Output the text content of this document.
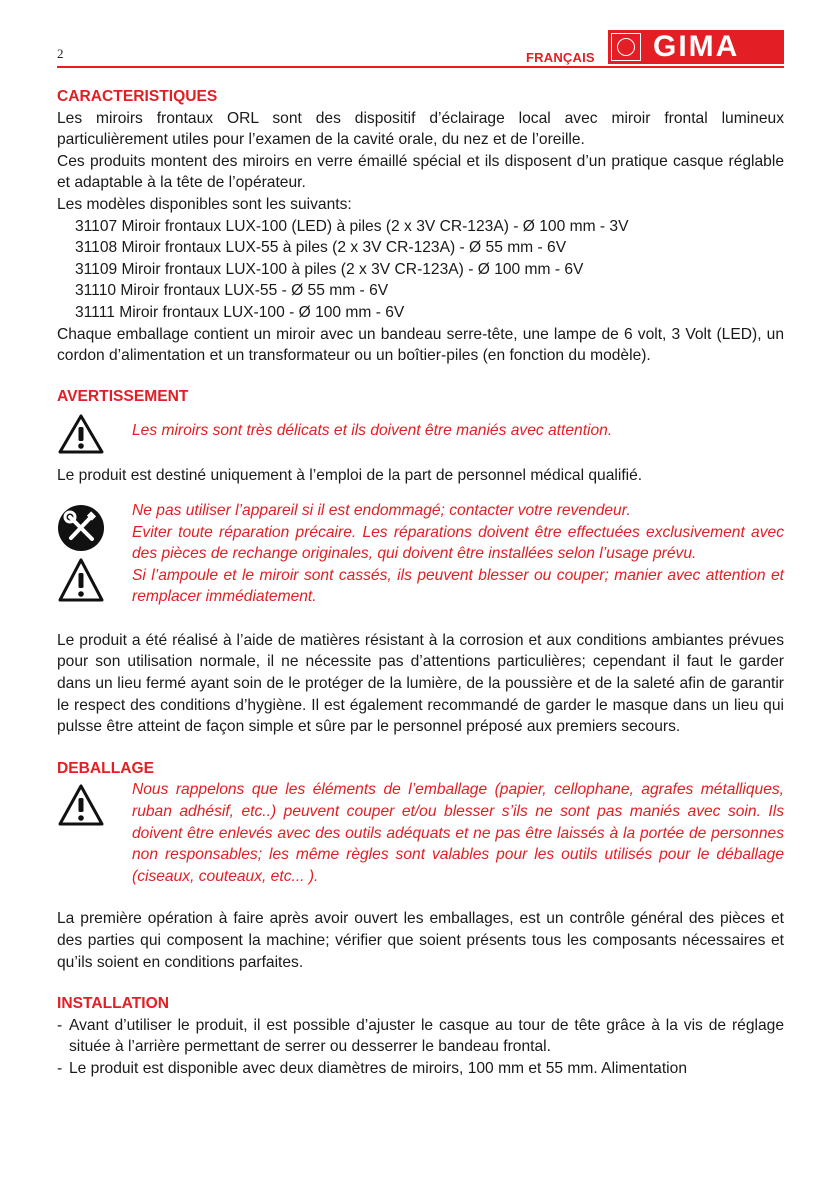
2	FRANÇAIS GIMA
CARACTERISTIQUES

Les miroirs frontaux ORL sont des dispositif d’éclairage local avec miroir frontal lumineux particulièrement utiles pour l’examen de la cavité orale, du nez et de l’oreille.

Ces produits montent des miroirs en verre émaillé spécial et ils disposent d’un pratique casque réglable et adaptable à la tête de l’opérateur.

Les modèles disponibles sont les suivants:

31107 Miroir frontaux LUX-100 (LED) à piles (2 x 3V CR-123A) - Ø 100 mm - 3V

31108 Miroir frontaux LUX-55 à piles (2 x 3V CR-123A) - Ø 55 mm - 6V

31109 Miroir frontaux LUX-100 à piles (2 x 3V CR-123A) - Ø 100 mm - 6V

31110 Miroir frontaux LUX-55 - Ø 55 mm - 6V

31111 Miroir frontaux LUX-100 - Ø 100 mm - 6V

Chaque emballage contient un miroir avec un bandeau serre-tête, une lampe de 6 volt, 3 Volt (LED), un cordon d’alimentation et un transformateur ou un boîtier-piles (en fonction du modèle).

AVERTISSEMENT
Les miroirs sont très délicats et ils doivent être maniés avec attention.

Le produit est destiné uniquement à l’emploi de la part de personnel médical qualifié.

Ne pas utiliser l’appareil si il est endommagé; contacter votre revendeur.

Eviter toute réparation précaire. Les réparations doivent être effectuées exclusivement avec des pièces de rechange originales, qui doivent être installées selon l’usage prévu.

Si l’ampoule et le miroir sont cassés, ils peuvent blesser ou couper; manier avec attention et remplacer immédiatement.

Le produit a été réalisé à l’aide de matières résistant à la corrosion et aux conditions ambiantes prévues pour son utilisation normale, il ne nécessite pas d’attentions particulières; cependant il faut le garder dans un lieu fermé ayant soin de le protéger de la lumière, de la poussière et de la saleté afin de garantir le respect des conditions d’hygiène. Il est également recommandé de garder le masque dans un lieu qui pulsse être atteint de façon simple et sûre par le personnel préposé aux premiers secours.

DEBALLAGE
Nous rappelons que les éléments de l’emballage (papier, cellophane, agrafes métalliques, ruban adhésif, etc..) peuvent couper et/ou blesser s’ils ne sont pas maniés avec soin. Ils doivent être enlevés avec des outils adéquats et ne pas être laissés à la portée de personnes non responsables; les même règles sont valables pour les outils utilisés pour le déballage (ciseaux, couteaux, etc... ).

La première opération à faire après avoir ouvert les emballages, est un contrôle général des pièces et des parties qui composent la machine; vérifier que soient présents tous les composants nécessaires et qu’ils soient en conditions parfaites.

INSTALLATION
- Avant d’utiliser le produit, il est possible d’ajuster le casque au tour de tête grâce à la vis de réglage située à l’arrière permettant de serrer ou desserrer le bandeau frontal.
- Le produit est disponible avec deux diamètres de miroirs, 100 mm et 55 mm. Alimentation
